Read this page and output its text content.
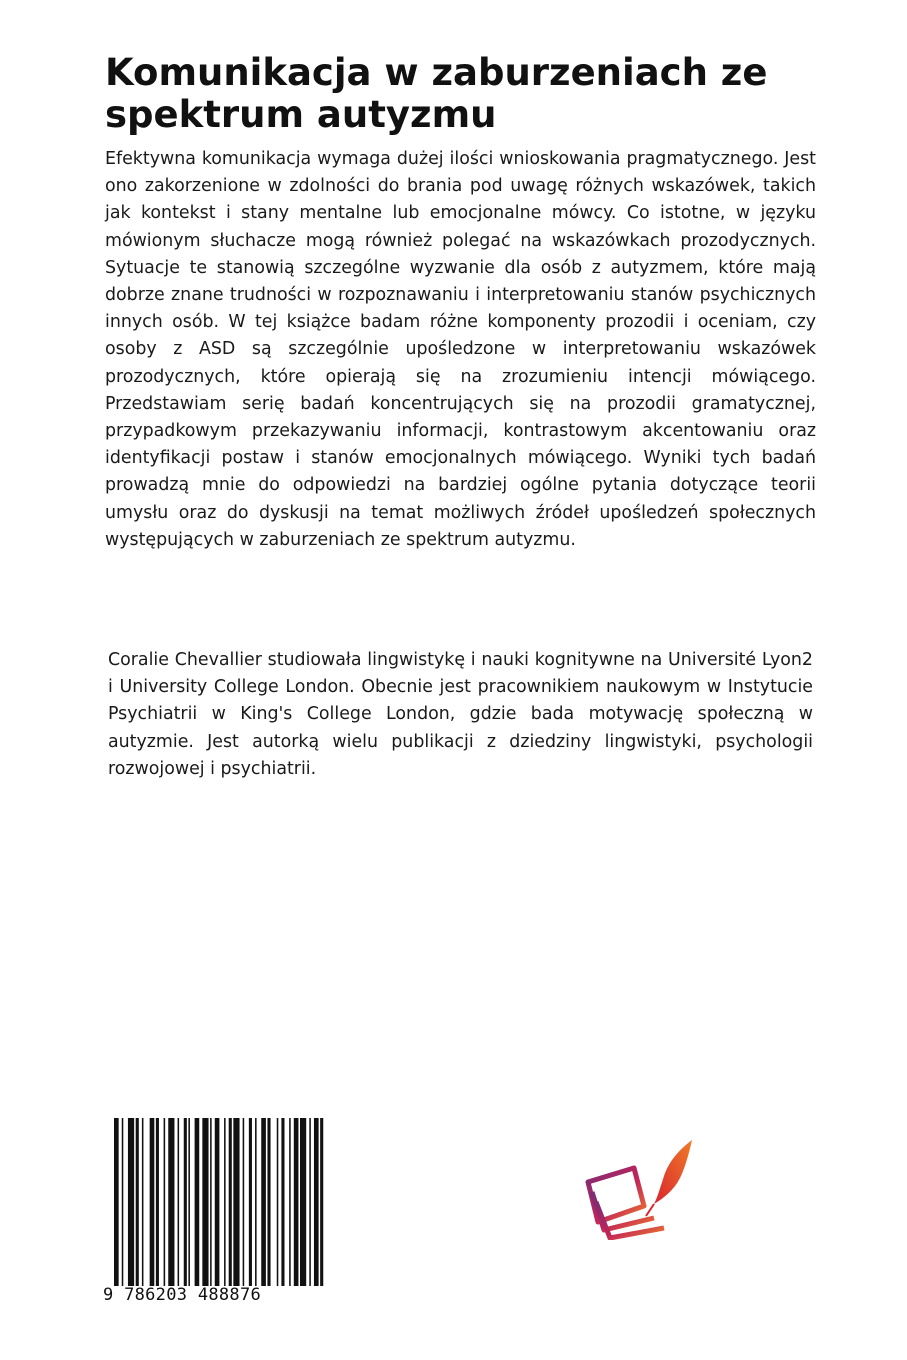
Komunikacja w zaburzeniach ze spektrum autyzmu

Efektywna komunikacja wymaga dużej ilości wnioskowania pragmatycznego. Jest ono zakorzenione w zdolności do brania pod uwagę różnych wskazówek, takich jak kontekst i stany mentalne lub emocjonalne mówcy. Co istotne, w języku mówionym słuchacze mogą również polegać na wskazówkach prozodycznych. Sytuacje te stanowią szczególne wyzwanie dla osób z autyzmem, które mają dobrze znane trudności w rozpoznawaniu i interpretowaniu stanów psychicznych innych osób. W tej książce badam różne komponenty prozodii i oceniam, czy osoby z ASD są szczególnie upośledzone w interpretowaniu wskazówek prozodycznych, które opierają się na zrozumieniu intencji mówiącego. Przedstawiam serię badań koncentrujących się na prozodii gramatycznej, przypadkowym przekazywaniu informacji, kontrastowym akcentowaniu oraz identyfikacji postaw i stanów emocjonalnych mówiącego. Wyniki tych badań prowadzą mnie do odpowiedzi na bardziej ogólne pytania dotyczące teorii umysłu oraz do dyskusji na temat możliwych źródeł upośledzeń społecznych występujących w zaburzeniach ze spektrum autyzmu.

Coralie Chevallier studiowała lingwistykę i nauki kognitywne na Université Lyon2 i University College London. Obecnie jest pracownikiem naukowym w Instytucie Psychiatrii w King's College London, gdzie bada motywację społeczną w autyzmie. Jest autorką wielu publikacji z dziedziny lingwistyki, psychologii rozwojowej i psychiatrii.

9 786203 488876
